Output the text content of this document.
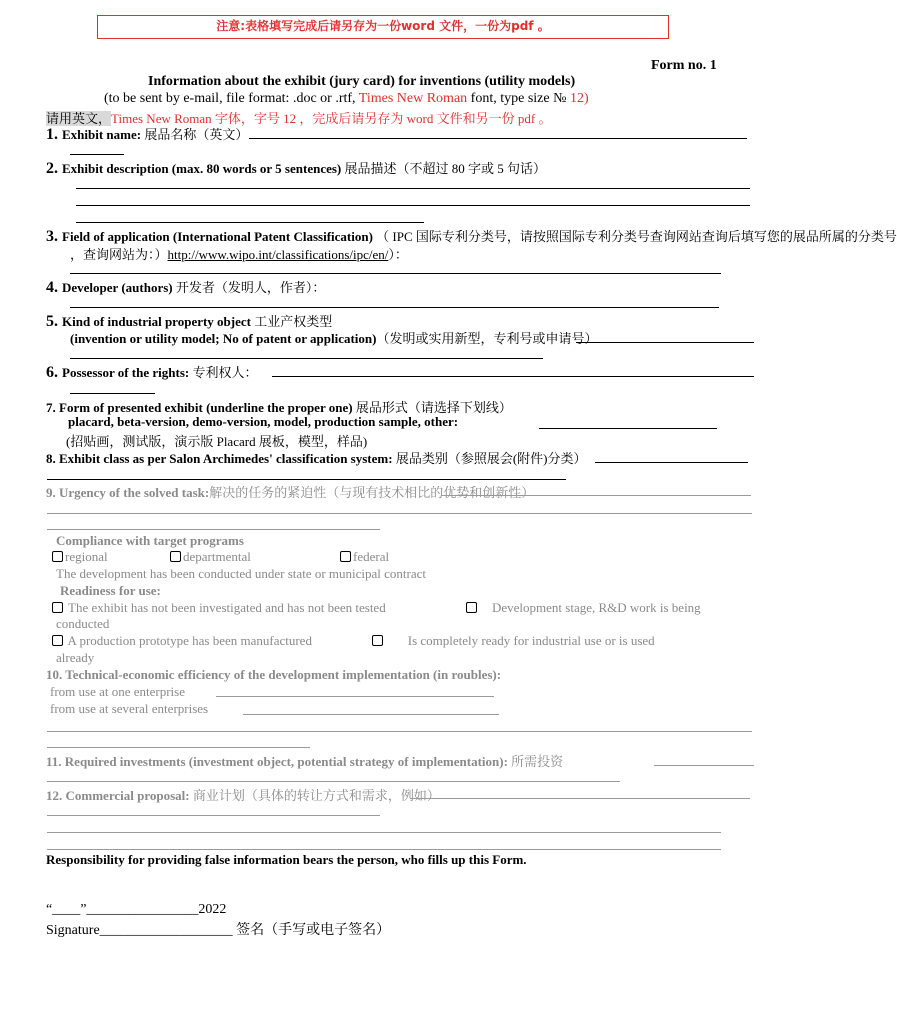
注意:表格填写完成后请另存为一份word 文件，一份为pdf 。
Form no. 1
Information about the exhibit (jury card) for inventions (utility models)
(to be sent by e-mail, file format: .doc or .rtf, Times New Roman font, type size № 12)
请用英文，Times New Roman 字体，字号 12 ，完成后请另存为 word 文件和另一份 pdf 。
1. Exhibit name: 展品名称（英文）
2. Exhibit description (max. 80 words or 5 sentences) 展品描述（不超过 80 字或 5 句话）
3. Field of application (International Patent Classification) （ IPC 国际专利分类号，请按照国际专利分类号查询网站查询后填写您的展品所属的分类号
，查询网站为：）http://www.wipo.int/classifications/ipc/en/）：
4. Developer (authors) 开发者（发明人，作者）：
5. Kind of industrial property object 工业产权类型
(invention or utility model; No of patent or application)（发明或实用新型，专利号或申请号）
6. Possessor of the rights: 专利权人：
7. Form of presented exhibit (underline the proper one) 展品形式（请选择下划线）
placard, beta-version, demo-version, model, production sample, other:
(招贴画，测试版，演示版 Placard 展板，模型，样品)
8. Exhibit class as per Salon Archimedes' classification system: 展品类别（参照展会(附件)分类）
9. Urgency of the solved task:解决的任务的紧迫性（与现有技术相比的优势和创新性）
Compliance with target programs
regional	departmental	federal
The development has been conducted under state or municipal contract
Readiness for use:
The exhibit has not been investigated and has not been tested	Development stage, R&D work is being
conducted
A production prototype has been manufactured	Is completely ready for industrial use or is used
already
10. Technical-economic efficiency of the development implementation (in roubles):
from use at one enterprise
from use at several enterprises
11. Required investments (investment object, potential strategy of implementation): 所需投资
12. Commercial proposal: 商业计划（具体的转让方式和需求，例如）
Responsibility for providing false information bears the person, who fills up this Form.
“____”________________2022
Signature___________________ 签名（手写或电子签名）
